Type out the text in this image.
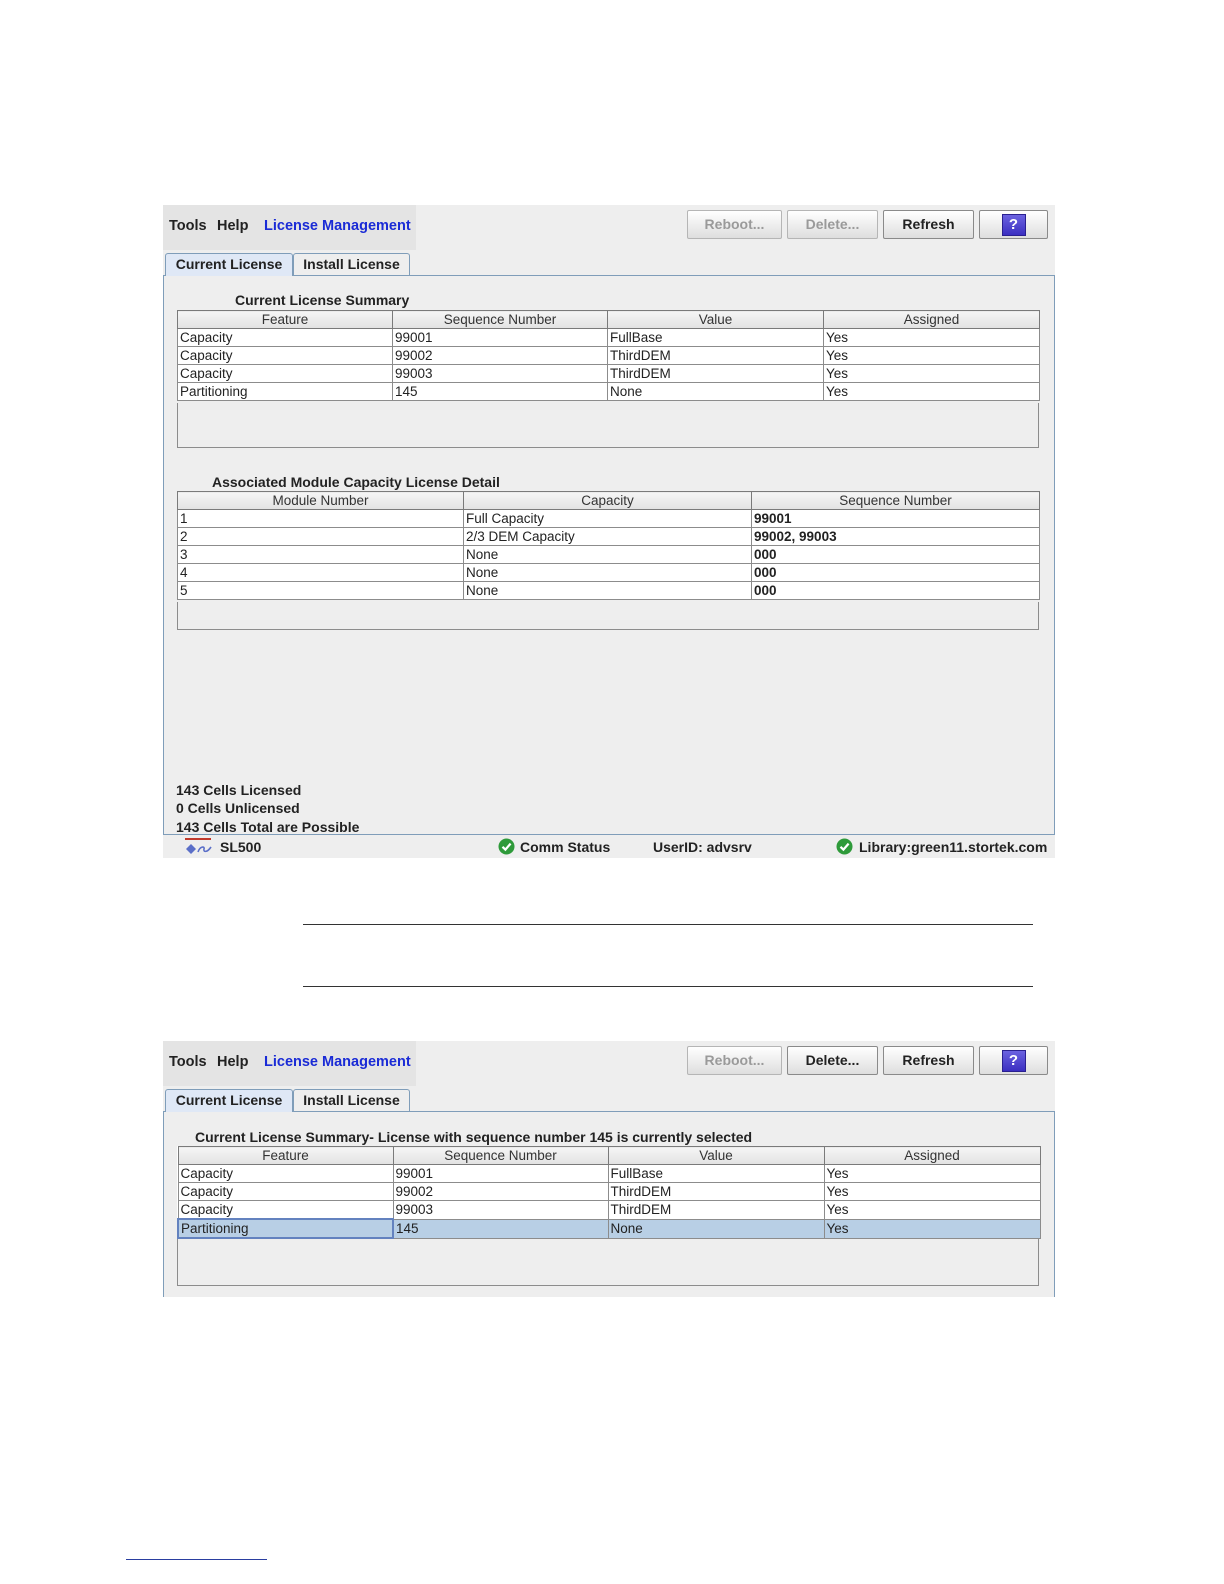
Tools Help License Management	Reboot...	Delete...	Refresh	?
Current License	Install License
Current License Summary
Feature	Sequence Number	Value	Assigned
Capacity	99001	FullBase	Yes
Capacity	99002	ThirdDEM	Yes
Capacity	99003	ThirdDEM	Yes
Partitioning	145	None	Yes
Associated Module Capacity License Detail
Module Number	Capacity	Sequence Number
1	Full Capacity	99001
2	2/3 DEM Capacity	99002, 99003
3	None	000
4	None	000
5	None	000
143 Cells Licensed
0 Cells Unlicensed
143 Cells Total are Possible
SL500	Comm Status	UserID: advsrv	Library:green11.stortek.com
Tools Help License Management	Reboot...	Delete...	Refresh	?
Current License	Install License
Current License Summary- License with sequence number 145 is currently selected
Feature	Sequence Number	Value	Assigned
Capacity	99001	FullBase	Yes
Capacity	99002	ThirdDEM	Yes
Capacity	99003	ThirdDEM	Yes
Partitioning	145	None	Yes
